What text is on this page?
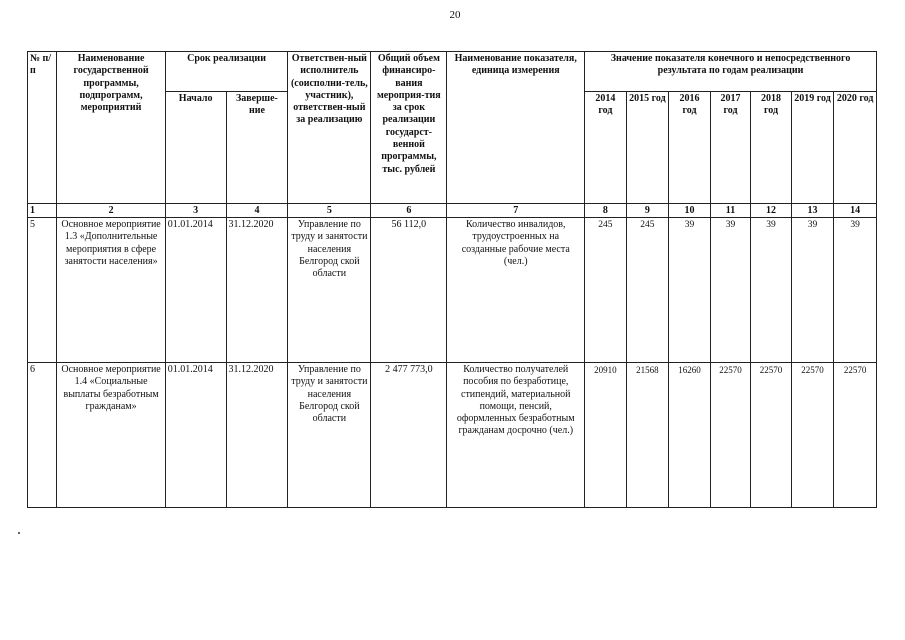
20
№ п/п	Наименование государственной программы, подпрограмм, мероприятий	Срок реализации		Ответствен-ный исполнитель (соисполни-тель, участник), ответствен-ный за реализацию	Общий объем финансиро-вания мероприя-тия за срок реализации государст-венной программы, тыс. рублей	Наименование показателя, единица измерения	Значение показателя конечного и непосредственного результата по годам реализации						
		Начало	Заверше-ние				2014 год	2015 год	2016 год	2017 год	2018 год	2019 год	2020 год
1	2	3	4	5	6	7	8	9	10	11	12	13	14
5	Основное мероприятие 1.3 «Дополнительные мероприятия в сфере занятости населения»	01.01.2014	31.12.2020	Управление по труду и занятости населения Белгород ской области	56 112,0	Количество инвалидов, трудоустроенных на созданные рабочие места (чел.)	245	245	39	39	39	39	39
6	Основное мероприятие 1.4 «Социальные выплаты безработным гражданам»	01.01.2014	31.12.2020	Управление по труду и занятости населения Белгород ской области	2 477 773,0	Количество получателей пособия по безработице, стипендий, материальной помощи, пенсий, оформленных безработным гражданам досрочно (чел.)	20910	21568	16260	22570	22570	22570	22570
